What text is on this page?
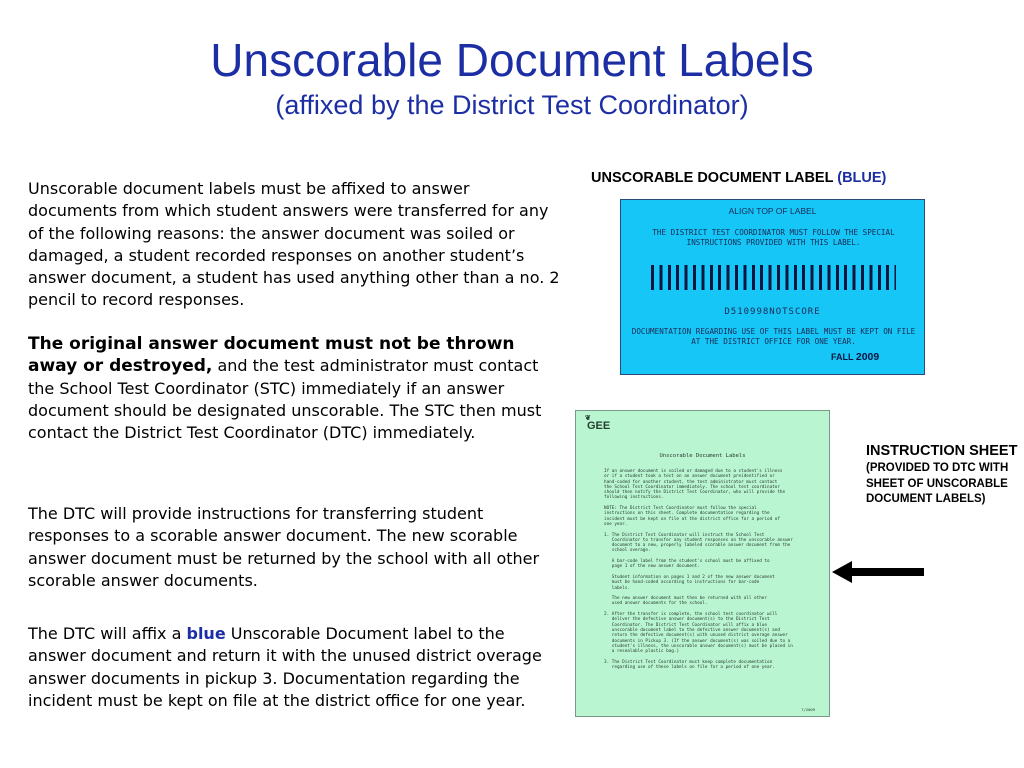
Unscorable Document Labels
(affixed by the District Test Coordinator)
Unscorable document labels must be affixed to answer documents from which student answers were transferred for any of the following reasons: the answer document was soiled or damaged, a student recorded responses on another student’s answer document, a student has used anything other than a no. 2 pencil to record responses.
The original answer document must not be thrown away or destroyed, and the test administrator must contact the School Test Coordinator (STC) immediately if an answer document should be designated unscorable. The STC then must contact the District Test Coordinator (DTC) immediately.
The DTC will provide instructions for transferring student responses to a scorable answer document. The new scorable answer document must be returned by the school with all other scorable answer documents.
The DTC will affix a blue Unscorable Document label to the answer document and return it with the unused district overage answer documents in pickup 3. Documentation regarding the incident must be kept on file at the district office for one year.
UNSCORABLE DOCUMENT LABEL (BLUE)
ALIGN TOP OF LABEL
THE DISTRICT TEST COORDINATOR MUST FOLLOW THE SPECIAL INSTRUCTIONS PROVIDED WITH THIS LABEL.
D510998NOTSCORE
DOCUMENTATION REGARDING USE OF THIS LABEL MUST BE KEPT ON FILE AT THE DISTRICT OFFICE FOR ONE YEAR.
FALL 2009
❦
GEE
Unscorable Document Labels
If an answer document is soiled or damaged due to a student's illness
or if a student took a test on an answer document preidentified or
hand-coded for another student, the test administrator must contact
the School Test Coordinator immediately. The school test coordinator
should then notify the District Test Coordinator, who will provide the
following instructions.

NOTE: The District Test Coordinator must follow the special
instructions on this sheet. Complete documentation regarding the
incident must be kept on file at the district office for a period of
one year.

1. The District Test Coordinator will instruct the School Test
Coordinator to transfer any student responses on the unscorable answer
document to a new, properly labeled scorable answer document from the
school overage.

A bar-code label from the student's school must be affixed to
page 1 of the new answer document.

Student information on pages 1 and 2 of the new answer document
must be hand-coded according to instructions for bar-code
labels.

The new answer document must then be returned with all other
used answer documents for the school.

2. After the transfer is complete, the school test coordinator will
deliver the defective answer document(s) to the District Test
Coordinator. The District Test Coordinator will affix a blue
unscorable document label to the defective answer document(s) and
return the defective document(s) with unused district overage answer
documents in Pickup 3. (If the answer document(s) was soiled due to a
student's illness, the unscorable answer document(s) must be placed in
a resealable plastic bag.)

3. The District Test Coordinator must keep complete documentation
regarding use of these labels on file for a period of one year.
7/2009
INSTRUCTION SHEET
(PROVIDED TO DTC WITH SHEET OF UNSCORABLE DOCUMENT LABELS)
